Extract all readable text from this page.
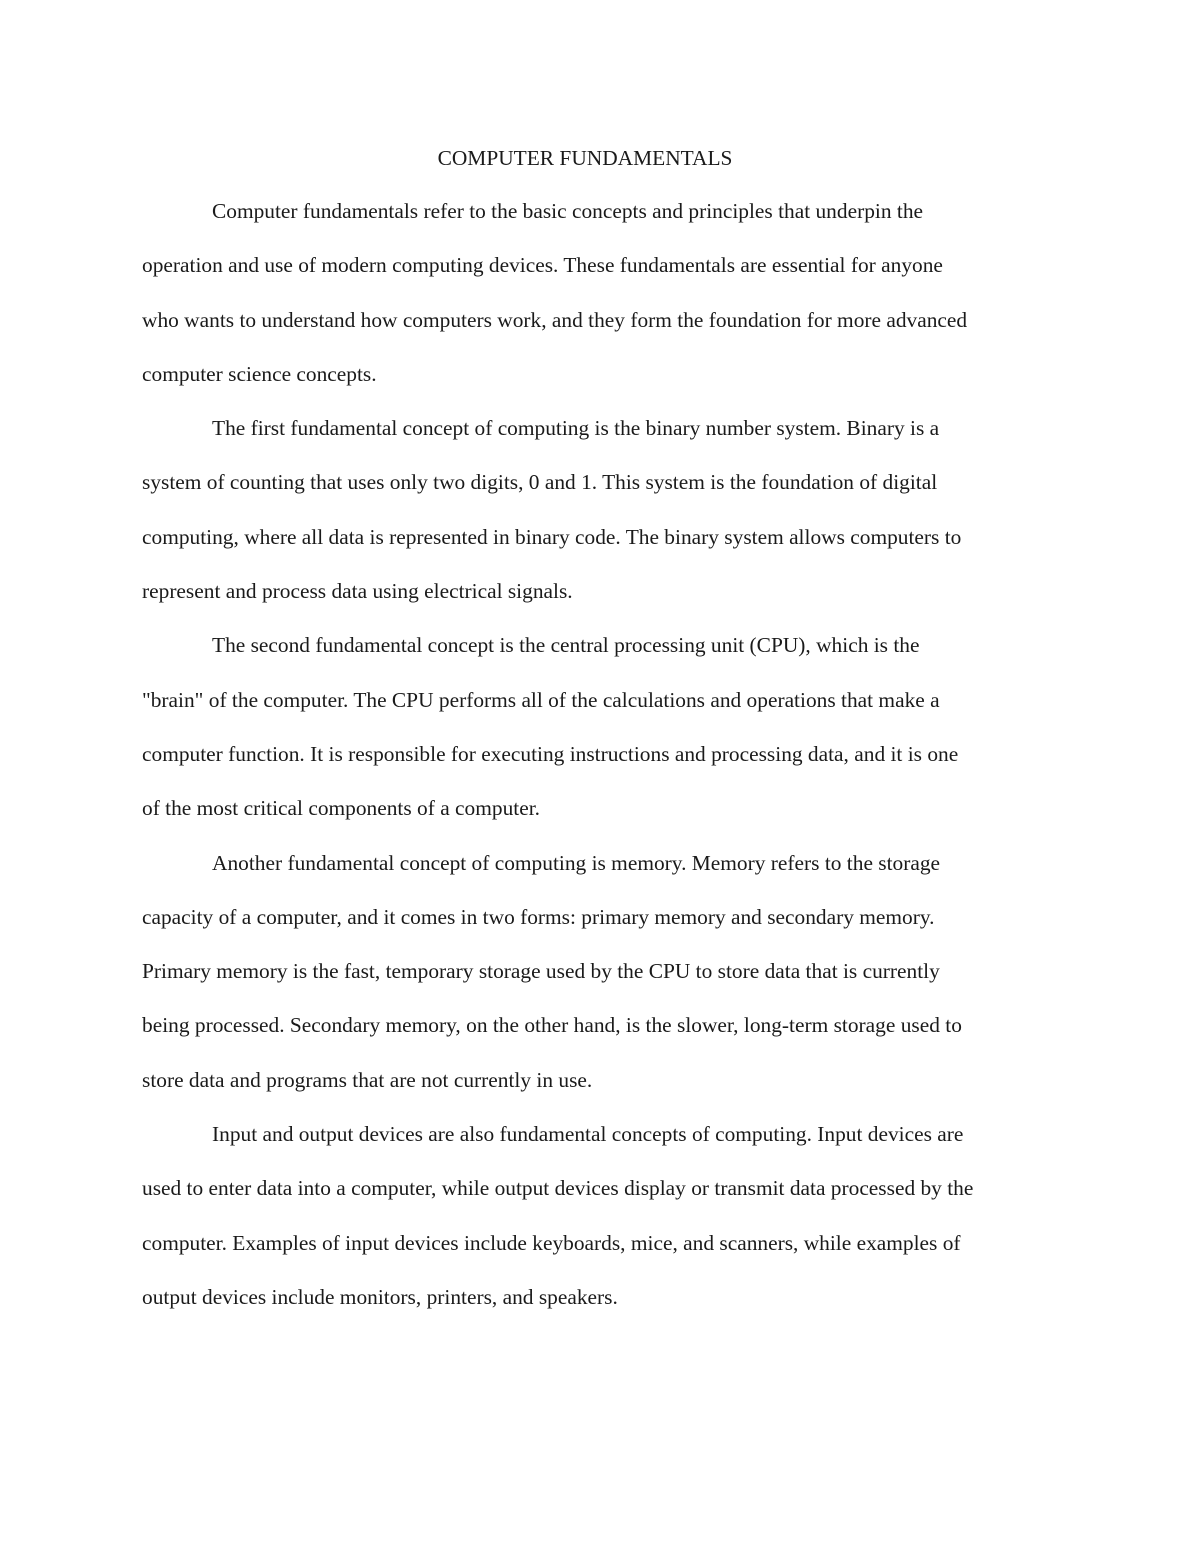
COMPUTER FUNDAMENTALS

Computer fundamentals refer to the basic concepts and principles that underpin the
operation and use of modern computing devices. These fundamentals are essential for anyone
who wants to understand how computers work, and they form the foundation for more advanced
computer science concepts.

The first fundamental concept of computing is the binary number system. Binary is a
system of counting that uses only two digits, 0 and 1. This system is the foundation of digital
computing, where all data is represented in binary code. The binary system allows computers to
represent and process data using electrical signals.

The second fundamental concept is the central processing unit (CPU), which is the
"brain" of the computer. The CPU performs all of the calculations and operations that make a
computer function. It is responsible for executing instructions and processing data, and it is one
of the most critical components of a computer.

Another fundamental concept of computing is memory. Memory refers to the storage
capacity of a computer, and it comes in two forms: primary memory and secondary memory.
Primary memory is the fast, temporary storage used by the CPU to store data that is currently
being processed. Secondary memory, on the other hand, is the slower, long-term storage used to
store data and programs that are not currently in use.

Input and output devices are also fundamental concepts of computing. Input devices are
used to enter data into a computer, while output devices display or transmit data processed by the
computer. Examples of input devices include keyboards, mice, and scanners, while examples of
output devices include monitors, printers, and speakers.
